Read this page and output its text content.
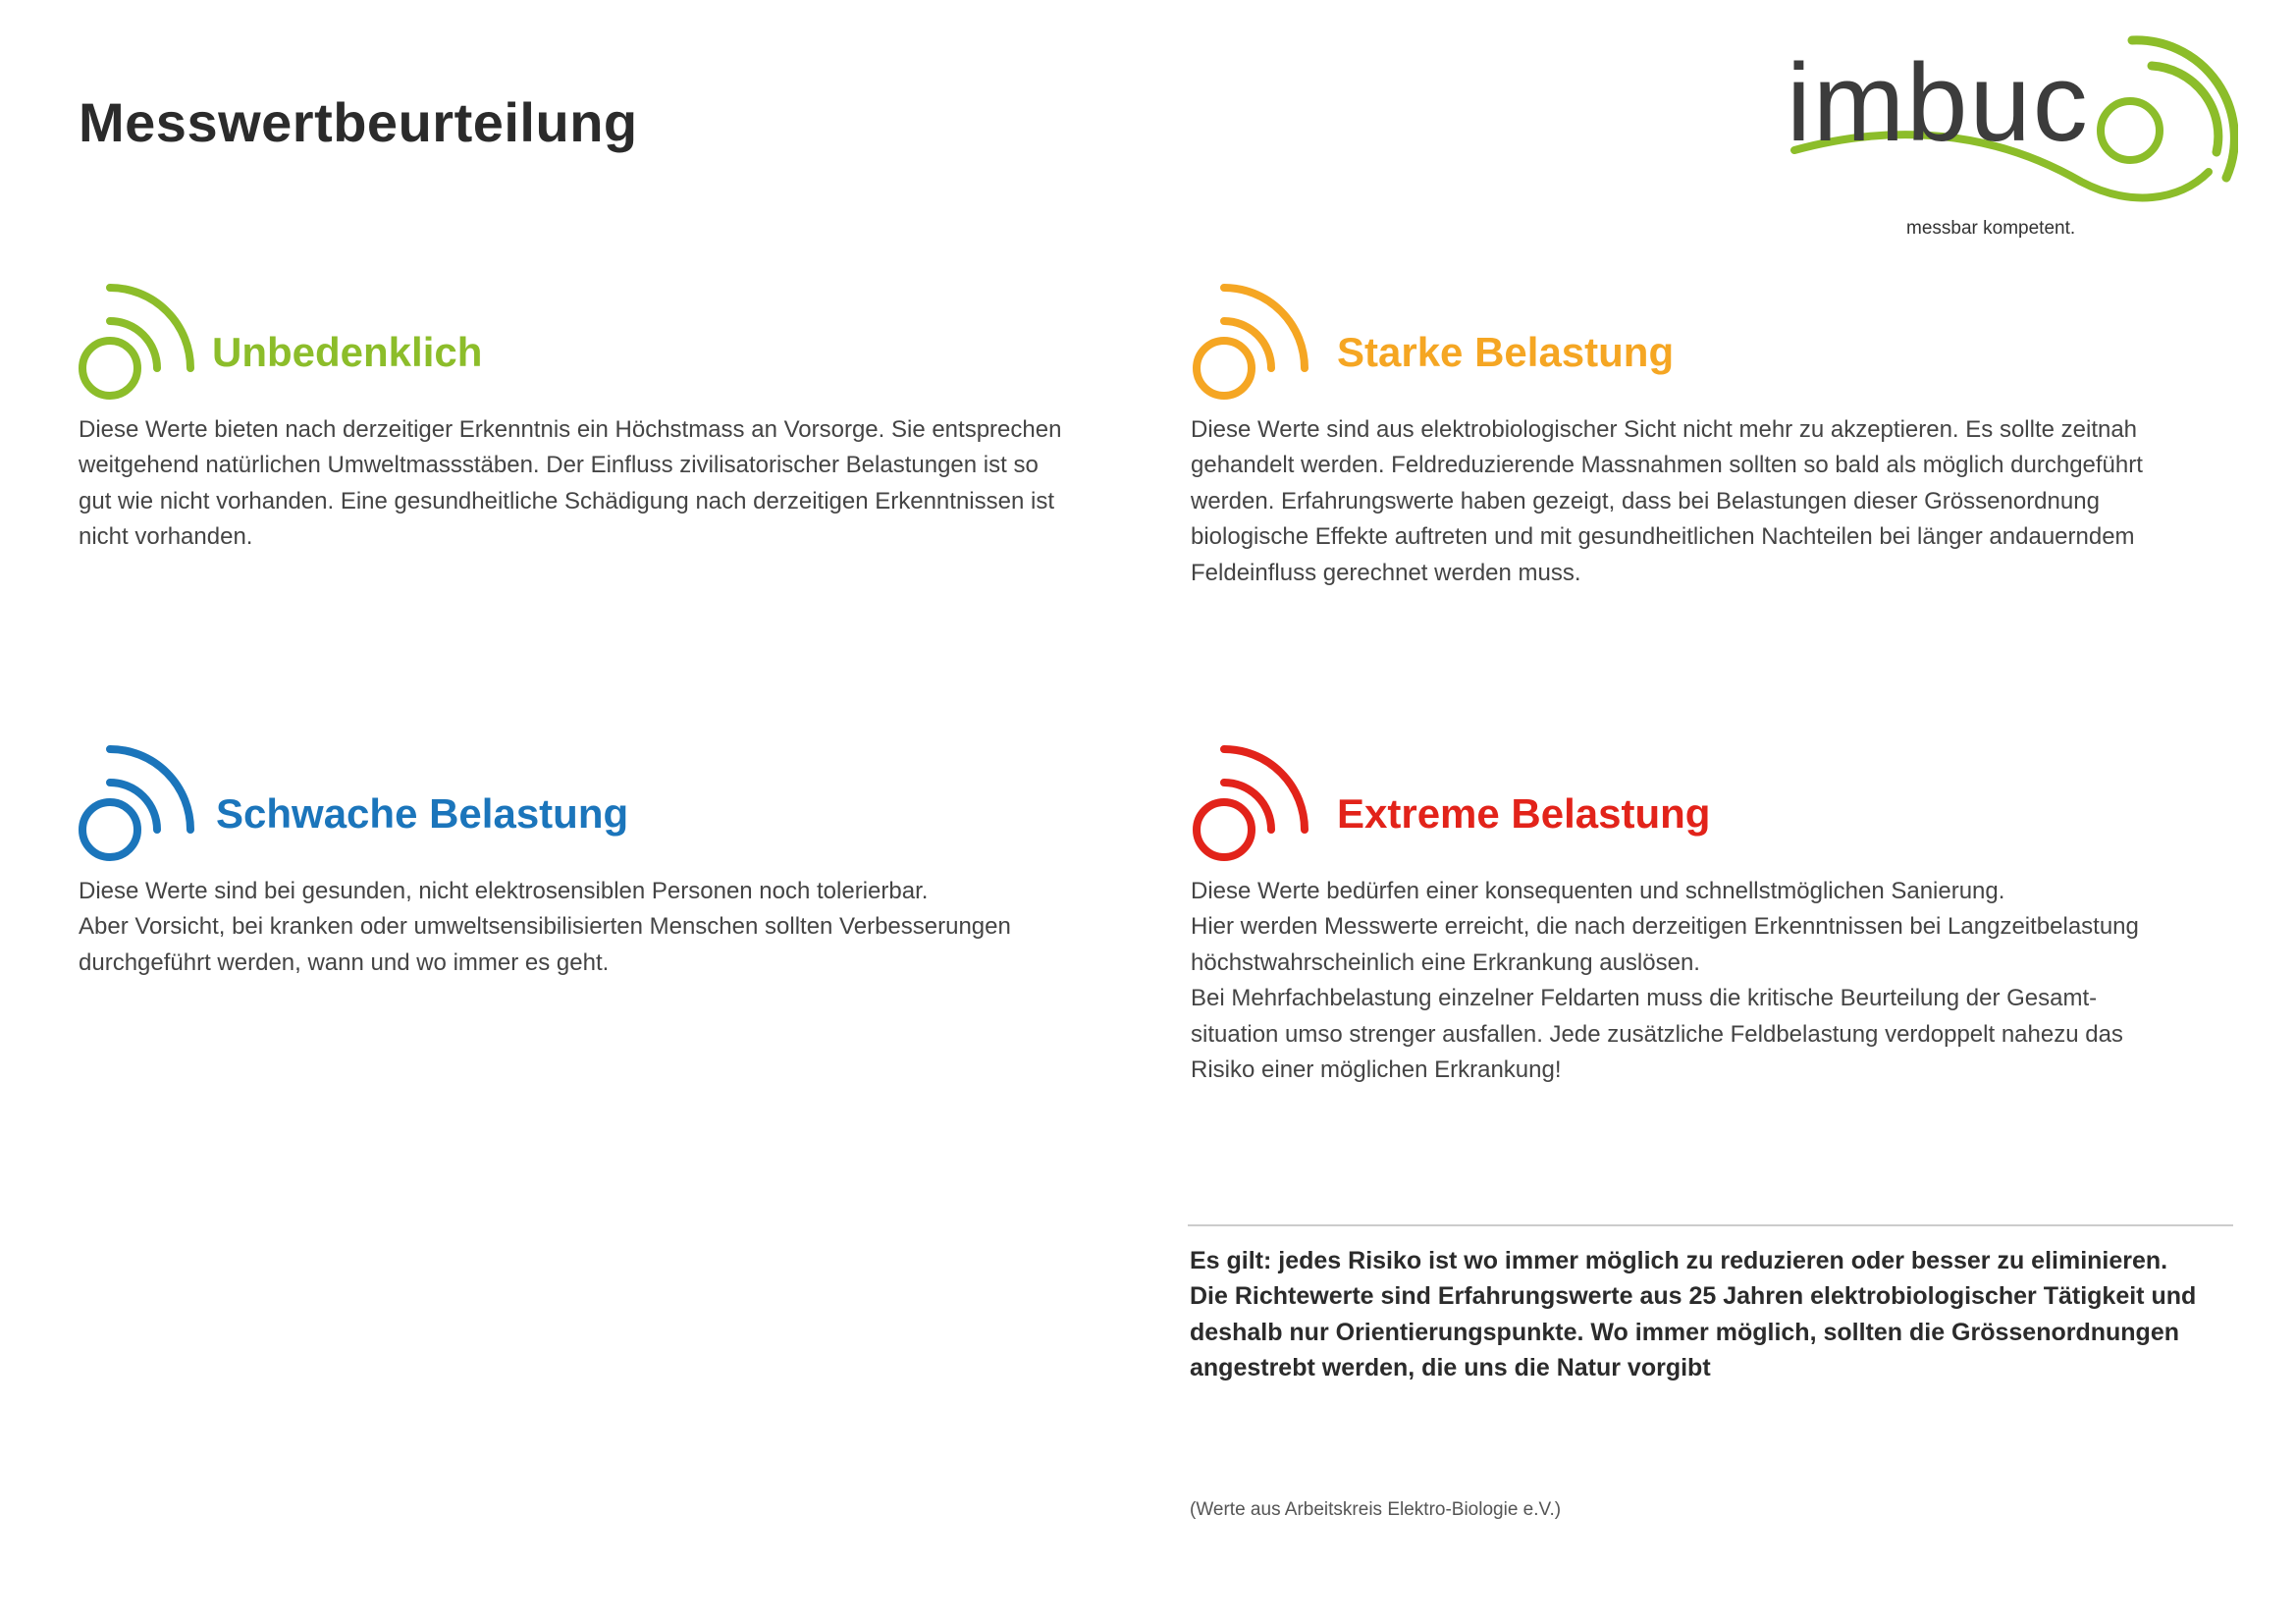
Messwertbeurteilung	imbuc
messbar kompetent.
Unbedenklich

Diese Werte bieten nach derzeitiger Erkenntnis ein Höchstmass an Vorsorge. Sie entsprechen

weitgehend natürlichen Umweltmassstäben. Der Einfluss zivilisatorischer Belastungen ist so

gut wie nicht vorhanden. Eine gesundheitliche Schädigung nach derzeitigen Erkenntnissen ist

nicht vorhanden.

Starke Belastung

Diese Werte sind aus elektrobiologischer Sicht nicht mehr zu akzeptieren. Es sollte zeitnah

gehandelt werden. Feldreduzierende Massnahmen sollten so bald als möglich durchgeführt

werden. Erfahrungswerte haben gezeigt, dass bei Belastungen dieser Grössenordnung

biologische Effekte auftreten und mit gesundheitlichen Nachteilen bei länger andauerndem

Feldeinfluss gerechnet werden muss.

Schwache Belastung

Diese Werte sind bei gesunden, nicht elektrosensiblen Personen noch tolerierbar.

Aber Vorsicht, bei kranken oder umweltsensibilisierten Menschen sollten Verbesserungen

durchgeführt werden, wann und wo immer es geht.

Extreme Belastung

Diese Werte bedürfen einer konsequenten und schnellstmöglichen Sanierung.

Hier werden Messwerte erreicht, die nach derzeitigen Erkenntnissen bei Langzeitbelastung

höchstwahrscheinlich eine Erkrankung auslösen.

Bei Mehrfachbelastung einzelner Feldarten muss die kritische Beurteilung der Gesamt-

situation umso strenger ausfallen. Jede zusätzliche Feldbelastung verdoppelt nahezu das

Risiko einer möglichen Erkrankung!

Es gilt: jedes Risiko ist wo immer möglich zu reduzieren oder besser zu eliminieren.

Die Richtewerte sind Erfahrungswerte aus 25 Jahren elektrobiologischer Tätigkeit und

deshalb nur Orientierungspunkte. Wo immer möglich, sollten die Grössenordnungen

angestrebt werden, die uns die Natur vorgibt

(Werte aus Arbeitskreis Elektro-Biologie e.V.)
